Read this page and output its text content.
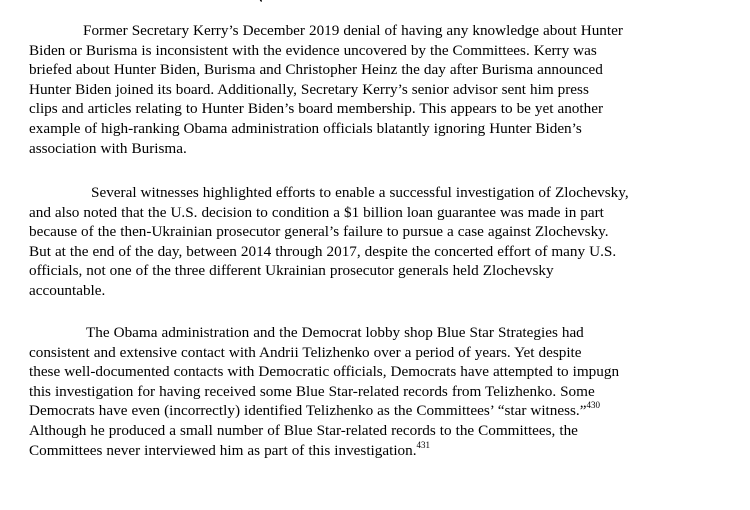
Former Secretary Kerry’s December 2019 denial of having any knowledge about Hunter
Biden or Burisma is inconsistent with the evidence uncovered by the Committees. Kerry was
briefed about Hunter Biden, Burisma and Christopher Heinz the day after Burisma announced
Hunter Biden joined its board. Additionally, Secretary Kerry’s senior advisor sent him press
clips and articles relating to Hunter Biden’s board membership. This appears to be yet another
example of high-ranking Obama administration officials blatantly ignoring Hunter Biden’s
association with Burisma.

Several witnesses highlighted efforts to enable a successful investigation of Zlochevsky,
and also noted that the U.S. decision to condition a $1 billion loan guarantee was made in part
because of the then-Ukrainian prosecutor general’s failure to pursue a case against Zlochevsky.
But at the end of the day, between 2014 through 2017, despite the concerted effort of many U.S.
officials, not one of the three different Ukrainian prosecutor generals held Zlochevsky
accountable.

The Obama administration and the Democrat lobby shop Blue Star Strategies had
consistent and extensive contact with Andrii Telizhenko over a period of years. Yet despite
these well-documented contacts with Democratic officials, Democrats have attempted to impugn
this investigation for having received some Blue Star-related records from Telizhenko. Some
Democrats have even (incorrectly) identified Telizhenko as the Committees’ “star witness.”$^{430}$
Although he produced a small number of Blue Star-related records to the Committees, the
Committees never interviewed him as part of this investigation.$^{431}$
